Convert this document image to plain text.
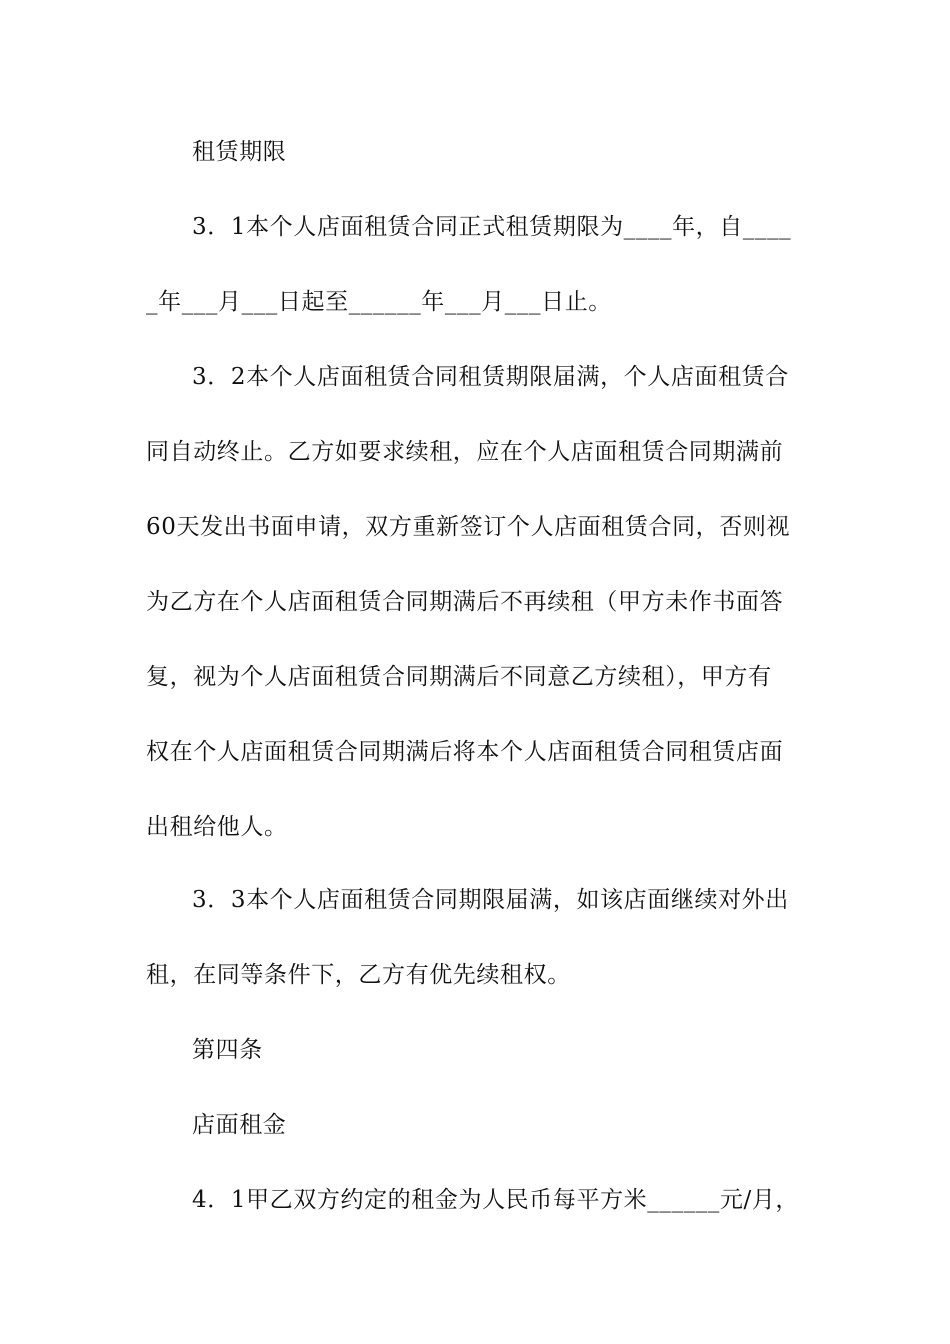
租赁期限
3．1本个人店面租赁合同正式租赁期限为____年，自____
_年___月___日起至______年___月___日止。
3．2本个人店面租赁合同租赁期限届满，个人店面租赁合
同自动终止。乙方如要求续租，应在个人店面租赁合同期满前
60天发出书面申请，双方重新签订个人店面租赁合同，否则视
为乙方在个人店面租赁合同期满后不再续租（甲方未作书面答
复，视为个人店面租赁合同期满后不同意乙方续租），甲方有
权在个人店面租赁合同期满后将本个人店面租赁合同租赁店面
出租给他人。
3．3本个人店面租赁合同期限届满，如该店面继续对外出
租，在同等条件下，乙方有优先续租权。
第四条
店面租金
4．1甲乙双方约定的租金为人民币每平方米______元/月，
